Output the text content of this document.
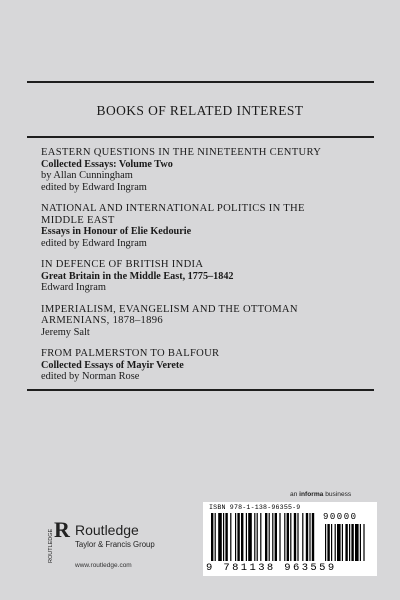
BOOKS OF RELATED INTEREST
EASTERN QUESTIONS IN THE NINETEENTH CENTURY
Collected Essays: Volume Two
by Allan Cunningham
edited by Edward Ingram
NATIONAL AND INTERNATIONAL POLITICS IN THE
MIDDLE EAST
Essays in Honour of Elie Kedourie
edited by Edward Ingram
IN DEFENCE OF BRITISH INDIA
Great Britain in the Middle East, 1775–1842
Edward Ingram
IMPERIALISM, EVANGELISM AND THE OTTOMAN
ARMENIANS, 1878–1896
Jeremy Salt
FROM PALMERSTON TO BALFOUR
Collected Essays of Mayir Verete
edited by Norman Rose
an informa business
ISBN 978-1-138-96355-9
90000
9 781138 963559
R
ROUTLEDGE Routledge
Taylor & Francis Group
www.routledge.com
